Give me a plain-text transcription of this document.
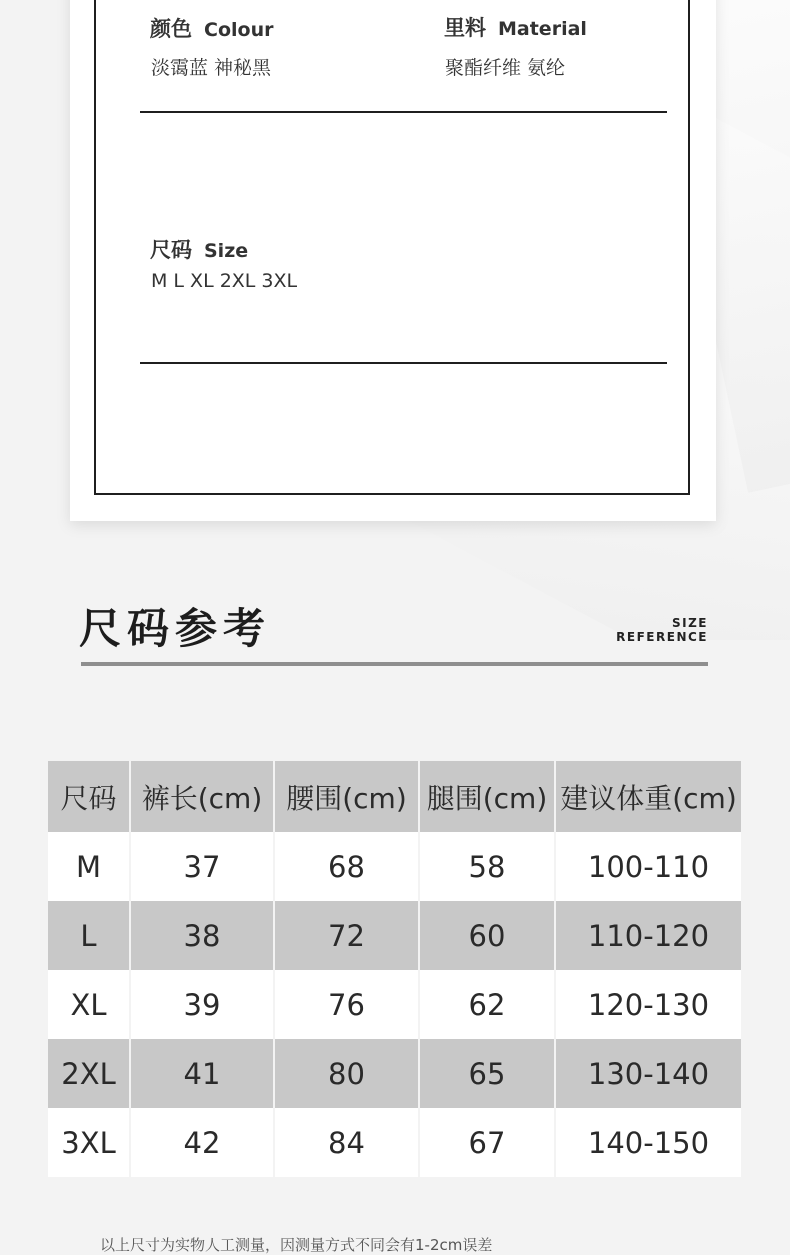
颜色 Colour
淡霭蓝 神秘黑
里料 Material
聚酯纤维 氨纶
尺码 Size
M L XL 2XL 3XL
尺码参考	SIZE
REFERENCE
尺码	裤长(cm)	腰围(cm)	腿围(cm)	建议体重(cm)
M	37	68	58	100-110
L	38	72	60	110-120
XL	39	76	62	120-130
2XL	41	80	65	130-140
3XL	42	84	67	140-150
以上尺寸为实物人工测量，因测量方式不同会有1-2cm误差
